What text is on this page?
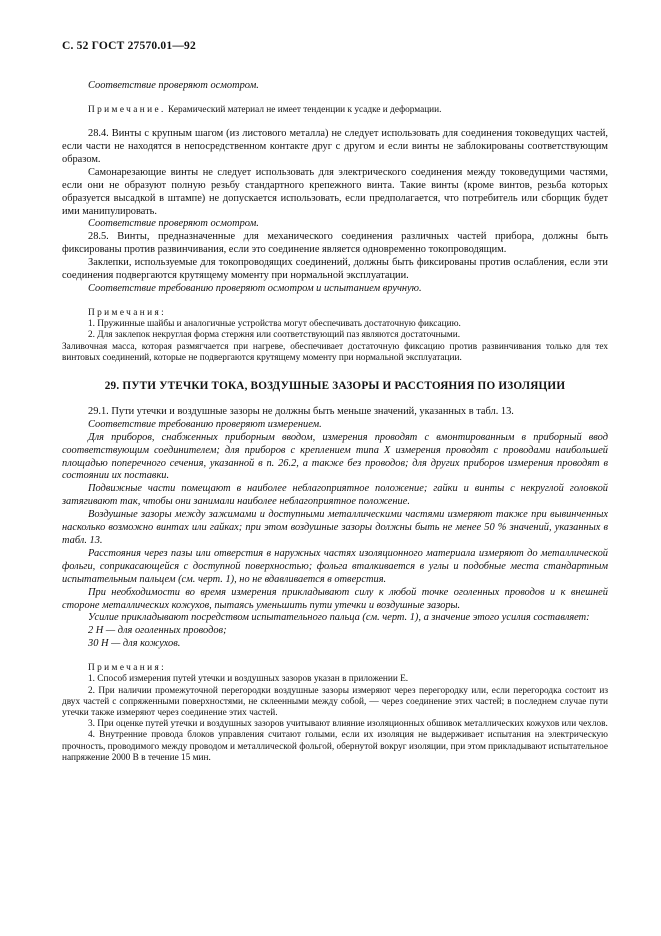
С. 52 ГОСТ 27570.01—92

Соответствие проверяют осмотром.

Примечание. Керамический материал не имеет тенденции к усадке и деформации.

28.4. Винты с крупным шагом (из листового металла) не следует использовать для соединения токоведущих частей, если части не находятся в непосредственном контакте друг с другом и если винты не заблокированы соответствующим образом.

Самонарезающие винты не следует использовать для электрического соединения между токоведущими частями, если они не образуют полную резьбу стандартного крепежного винта. Такие винты (кроме винтов, резьба которых образуется высадкой в штампе) не допускается использовать, если предполагается, что потребитель или сборщик будет ими манипулировать.

Соответствие проверяют осмотром.

28.5. Винты, предназначенные для механического соединения различных частей прибора, должны быть фиксированы против развинчивания, если это соединение является одновременно токопроводящим.

Заклепки, используемые для токопроводящих соединений, должны быть фиксированы против ослабления, если эти соединения подвергаются крутящему моменту при нормальной эксплуатации.

Соответствие требованию проверяют осмотром и испытанием вручную.

Примечания:

1. Пружинные шайбы и аналогичные устройства могут обеспечивать достаточную фиксацию.

2. Для заклепок некруглая форма стержня или соответствующий паз являются достаточными.

Заливочная масса, которая размягчается при нагреве, обеспечивает достаточную фиксацию против развинчивания только для тех винтовых соединений, которые не подвергаются крутящему моменту при нормальной эксплуатации.

29. ПУТИ УТЕЧКИ ТОКА, ВОЗДУШНЫЕ ЗАЗОРЫ И РАССТОЯНИЯ ПО ИЗОЛЯЦИИ

29.1. Пути утечки и воздушные зазоры не должны быть меньше значений, указанных в табл. 13.

Соответствие требованию проверяют измерением.

Для приборов, снабженных приборным вводом, измерения проводят с вмонтированным в приборный ввод соответствующим соединителем; для приборов с креплением типа X измерения проводят с проводами наибольшей площадью поперечного сечения, указанной в п. 26.2, а также без проводов; для других приборов измерения проводят в состоянии их поставки.

Подвижные части помещают в наиболее неблагоприятное положение; гайки и винты с некруглой головкой затягивают так, чтобы они занимали наиболее неблагоприятное положение.

Воздушные зазоры между зажимами и доступными металлическими частями измеряют также при вывинченных насколько возможно винтах или гайках; при этом воздушные зазоры должны быть не менее 50 % значений, указанных в табл. 13.

Расстояния через пазы или отверстия в наружных частях изоляционного материала измеряют до металлической фольги, соприкасающейся с доступной поверхностью; фольга вталкивается в углы и подобные места стандартным испытательным пальцем (см. черт. 1), но не вдавливается в отверстия.

При необходимости во время измерения прикладывают силу к любой точке оголенных проводов и к внешней стороне металлических кожухов, пытаясь уменьшить пути утечки и воздушные зазоры.

Усилие прикладывают посредством испытательного пальца (см. черт. 1), а значение этого усилия составляет:

2 Н — для оголенных проводов;

30 Н — для кожухов.

Примечания:

1. Способ измерения путей утечки и воздушных зазоров указан в приложении Е.

2. При наличии промежуточной перегородки воздушные зазоры измеряют через перегородку или, если перегородка состоит из двух частей с сопряженными поверхностями, не склеенными между собой, — через соединение этих частей; в последнем случае пути утечки также измеряют через соединение этих частей.

3. При оценке путей утечки и воздушных зазоров учитывают влияние изоляционных обшивок металлических кожухов или чехлов.

4. Внутренние провода блоков управления считают голыми, если их изоляция не выдерживает испытания на электрическую прочность, проводимого между проводом и металлической фольгой, обернутой вокруг изоляции, при этом прикладывают испытательное напряжение 2000 В в течение 15 мин.
